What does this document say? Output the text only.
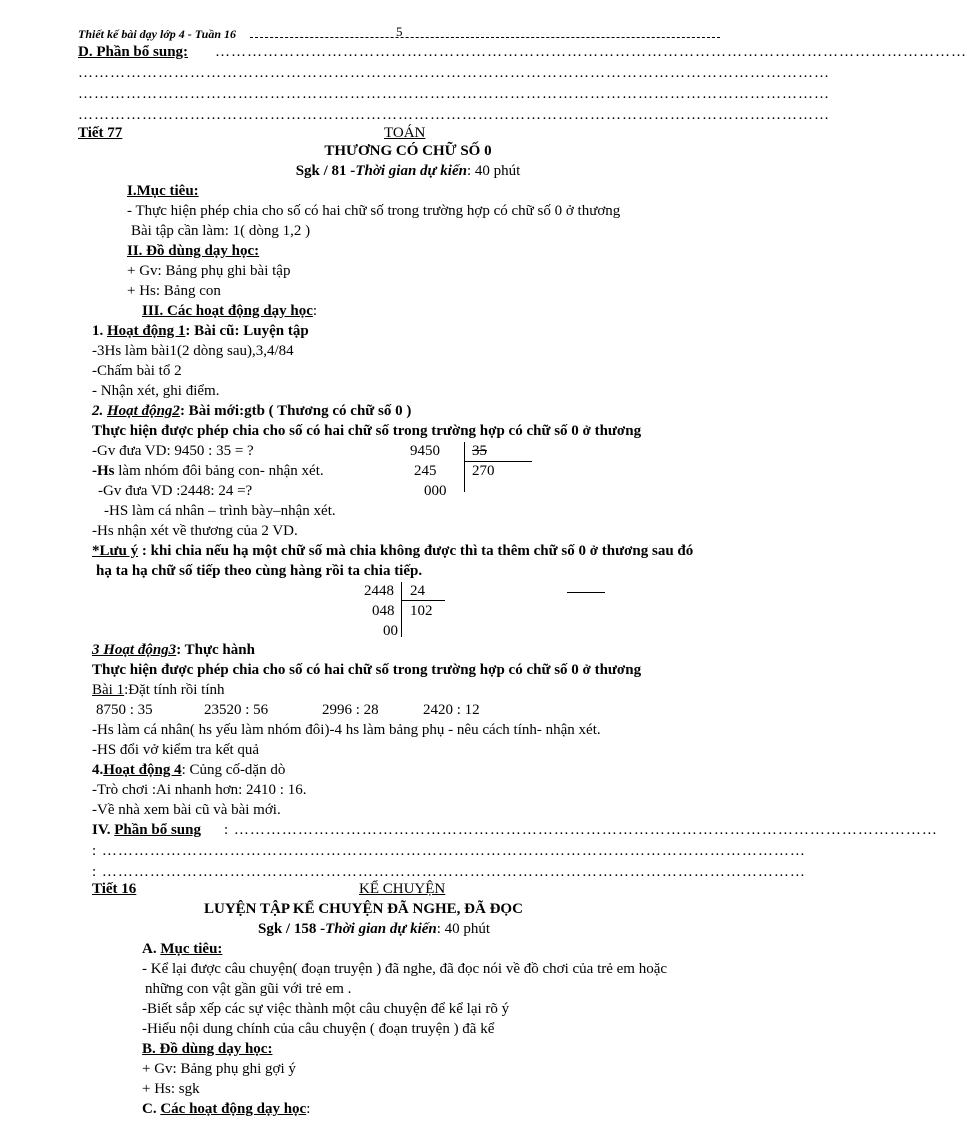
Thiết kế bài dạy lớp 4 - Tuần 16	5
D. Phần bổ sung: ……………………………………………………………………………………………………………………………
……………………………………………………………………………………………………………………………
……………………………………………………………………………………………………………………………
……………………………………………………………………………………………………………………………
Tiết 77	TOÁN
THƯƠNG CÓ CHỮ SỐ 0
Sgk / 81 -Thời gian dự kiến: 40 phút
I.Mục tiêu:
- Thực hiện phép chia cho số có hai chữ số trong trường hợp có chữ số 0 ở thương
Bài tập cần làm: 1( dòng 1,2 )
II. Đồ dùng dạy học:
+ Gv: Bảng phụ ghi bài tập
+ Hs: Bảng con
III. Các hoạt động dạy học:
1. Hoạt động 1: Bài cũ: Luyện tập
-3Hs làm bài1(2 dòng sau),3,4/84
-Chấm bài tổ 2
- Nhận xét, ghi điểm.
2. Hoạt động2: Bài mới:gtb ( Thương có chữ số 0 )
Thực hiện được phép chia cho số có hai chữ số trong trường hợp có chữ số 0 ở thương
-Gv đưa VD: 9450 : 35 = ?
-Hs làm nhóm đôi bảng con- nhận xét.
-Gv đưa VD :2448: 24 =?
-HS làm cá nhân – trình bày–nhận xét.
-Hs nhận xét về thương của 2 VD.
9450 35
245 270
000
*Lưu ý : khi chia nếu hạ một chữ số mà chia không được thì ta thêm chữ số 0 ở thương sau đó
hạ ta hạ chữ số tiếp theo cùng hàng rồi ta chia tiếp.
2448 24
048 102
00
3 Hoạt động3: Thực hành
Thực hiện được phép chia cho số có hai chữ số trong trường hợp có chữ số 0 ở thương
Bài 1:Đặt tính rồi tính
8750 : 35	23520 : 56	2996 : 28	2420 : 12
-Hs làm cá nhân( hs yếu làm nhóm đôi)-4 hs làm bảng phụ - nêu cách tính- nhận xét.
-HS đổi vở kiểm tra kết quả
4.Hoạt động 4: Củng cố-dặn dò
-Trò chơi :Ai nhanh hơn: 2410 : 16.
-Về nhà xem bài cũ và bài mới.
IV. Phần bổ sung : ……………………………………………………………………………………………………………………
: ……………………………………………………………………………………………………………………
: ……………………………………………………………………………………………………………………
Tiết 16	KỂ CHUYỆN
LUYỆN TẬP KỂ CHUYỆN ĐÃ NGHE, ĐÃ ĐỌC
Sgk / 158 -Thời gian dự kiến: 40 phút
A. Mục tiêu:
- Kể lại được câu chuyện( đoạn truyện ) đã nghe, đã đọc nói về đồ chơi của trẻ em hoặc
những con vật gần gũi với trẻ em .
-Biết sắp xếp các sự việc thành một câu chuyện để kể lại rõ ý
-Hiểu nội dung chính của câu chuyện ( đoạn truyện ) đã kể
B. Đồ dùng dạy học:
+ Gv: Bảng phụ ghi gợi ý
+ Hs: sgk
C. Các hoạt động dạy học:
